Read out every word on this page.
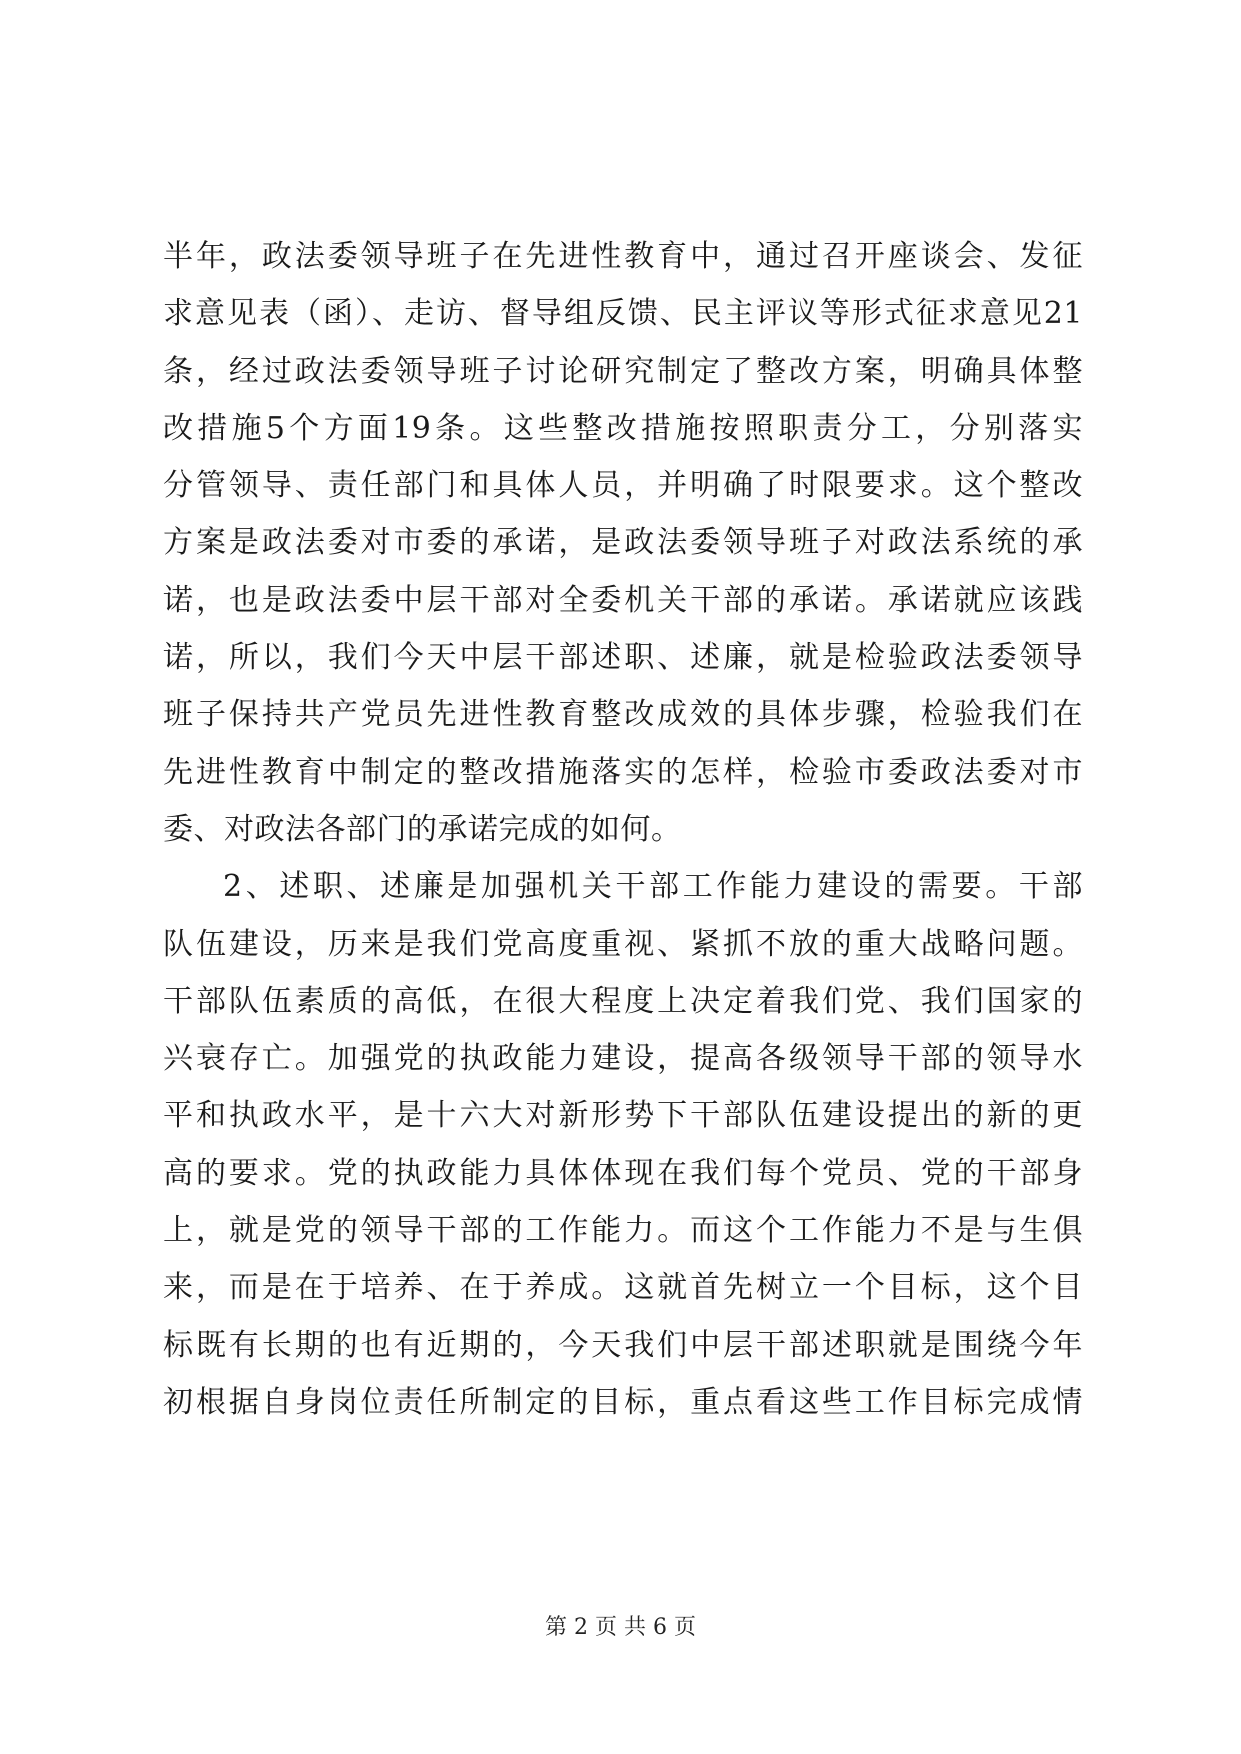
半年，政法委领导班子在先进性教育中，通过召开座谈会、发征
求意见表（函）、走访、督导组反馈、民主评议等形式征求意见21
条，经过政法委领导班子讨论研究制定了整改方案，明确具体整
改措施5个方面19条。这些整改措施按照职责分工，分别落实
分管领导、责任部门和具体人员，并明确了时限要求。这个整改
方案是政法委对市委的承诺，是政法委领导班子对政法系统的承
诺，也是政法委中层干部对全委机关干部的承诺。承诺就应该践
诺，所以，我们今天中层干部述职、述廉，就是检验政法委领导
班子保持共产党员先进性教育整改成效的具体步骤，检验我们在
先进性教育中制定的整改措施落实的怎样，检验市委政法委对市
委、对政法各部门的承诺完成的如何。
2、述职、述廉是加强机关干部工作能力建设的需要。干部
队伍建设，历来是我们党高度重视、紧抓不放的重大战略问题。
干部队伍素质的高低，在很大程度上决定着我们党、我们国家的
兴衰存亡。加强党的执政能力建设，提高各级领导干部的领导水
平和执政水平，是十六大对新形势下干部队伍建设提出的新的更
高的要求。党的执政能力具体体现在我们每个党员、党的干部身
上，就是党的领导干部的工作能力。而这个工作能力不是与生俱
来，而是在于培养、在于养成。这就首先树立一个目标，这个目
标既有长期的也有近期的，今天我们中层干部述职就是围绕今年
初根据自身岗位责任所制定的目标，重点看这些工作目标完成情
第 2 页 共 6 页
